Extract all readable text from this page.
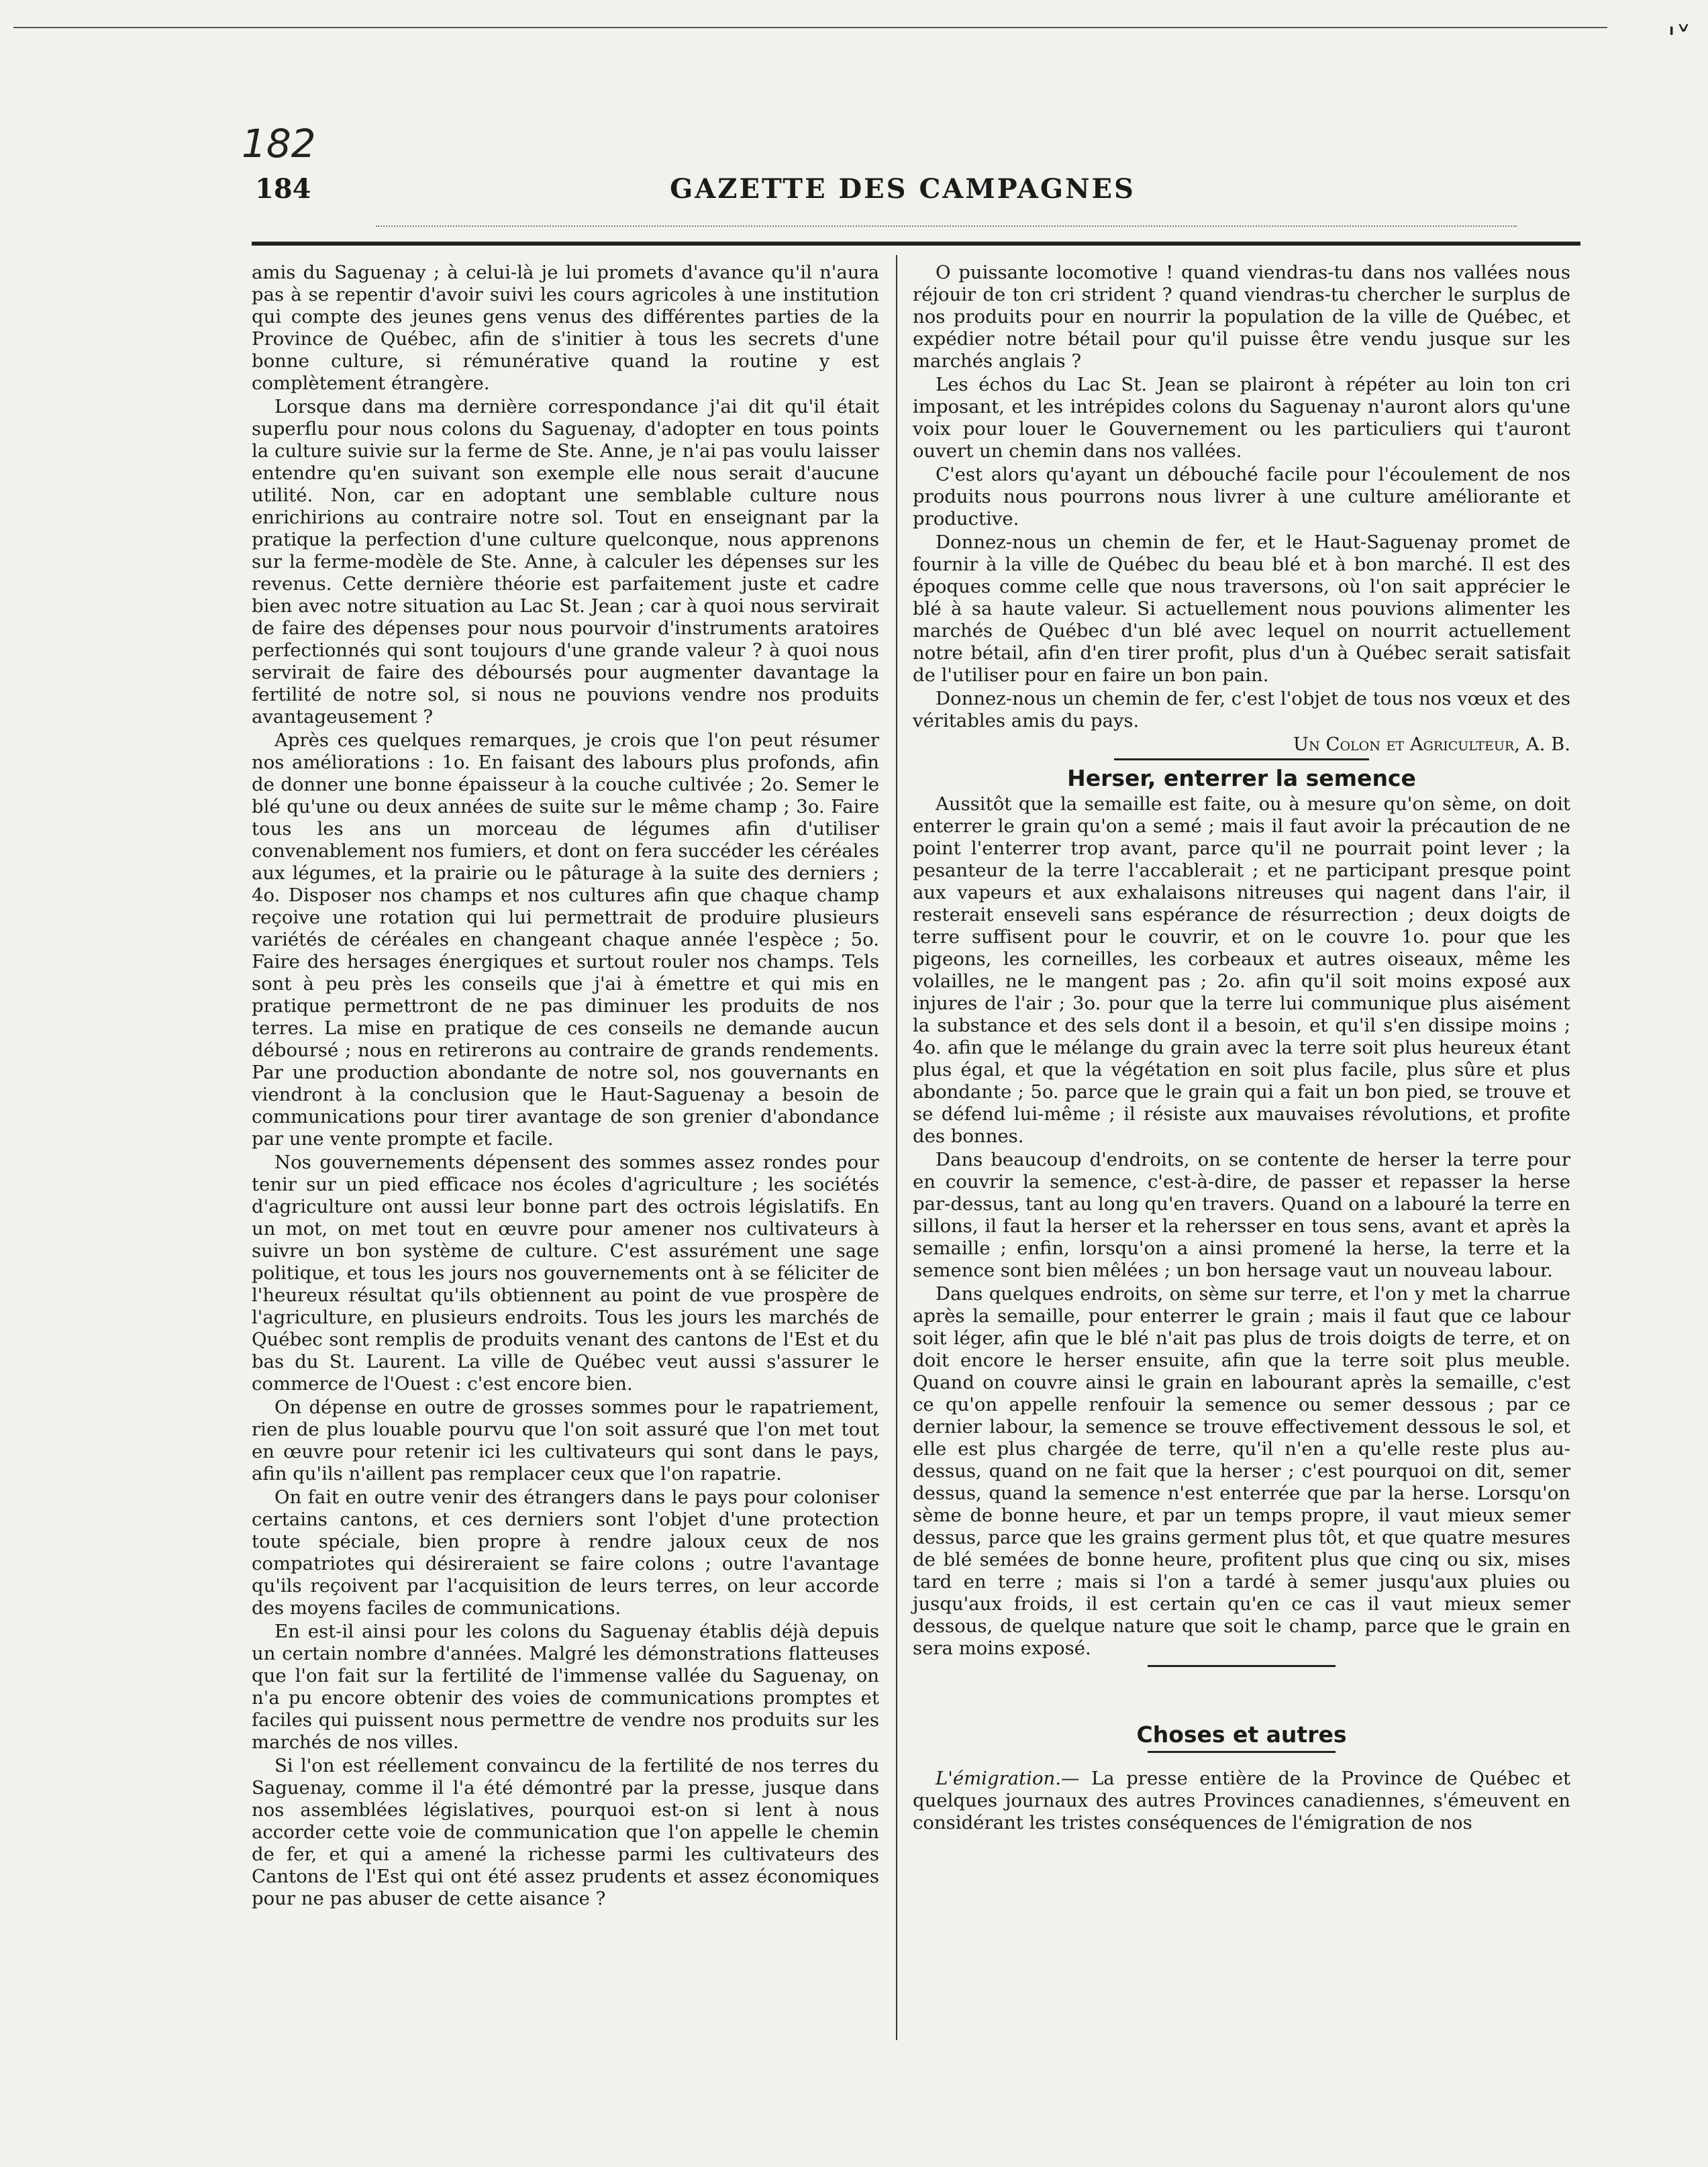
'˅
182
184	GAZETTE DES CAMPAGNES

amis du Saguenay ; à celui-là je lui promets d'avance qu'il n'aura pas à se repentir d'avoir suivi les cours agricoles à une institution qui compte des jeunes gens venus des différentes parties de la Province de Québec, afin de s'initier à tous les secrets d'une bonne culture, si rémunérative quand la routine y est complètement étrangère.

Lorsque dans ma dernière correspondance j'ai dit qu'il était superflu pour nous colons du Saguenay, d'adopter en tous points la culture suivie sur la ferme de Ste. Anne, je n'ai pas voulu laisser entendre qu'en suivant son exemple elle nous serait d'aucune utilité. Non, car en adoptant une semblable culture nous enrichirions au contraire notre sol. Tout en enseignant par la pratique la perfection d'une culture quelconque, nous apprenons sur la ferme-modèle de Ste. Anne, à calculer les dépenses sur les revenus. Cette dernière théorie est parfaitement juste et cadre bien avec notre situation au Lac St. Jean ; car à quoi nous servirait de faire des dépenses pour nous pourvoir d'instruments aratoires perfectionnés qui sont toujours d'une grande valeur ? à quoi nous servirait de faire des déboursés pour augmenter davantage la fertilité de notre sol, si nous ne pouvions vendre nos produits avantageusement ?

Après ces quelques remarques, je crois que l'on peut résumer nos améliorations : 1o. En faisant des labours plus profonds, afin de donner une bonne épaisseur à la couche cultivée ; 2o. Semer le blé qu'une ou deux années de suite sur le même champ ; 3o. Faire tous les ans un morceau de légumes afin d'utiliser convenablement nos fumiers, et dont on fera succéder les céréales aux légumes, et la prairie ou le pâturage à la suite des derniers ; 4o. Disposer nos champs et nos cultures afin que chaque champ reçoive une rotation qui lui permettrait de produire plusieurs variétés de céréales en changeant chaque année l'espèce ; 5o. Faire des hersages énergiques et surtout rouler nos champs. Tels sont à peu près les conseils que j'ai à émettre et qui mis en pratique permettront de ne pas diminuer les produits de nos terres. La mise en pratique de ces conseils ne demande aucun déboursé ; nous en retirerons au contraire de grands rendements. Par une production abondante de notre sol, nos gouvernants en viendront à la conclusion que le Haut-Saguenay a besoin de communications pour tirer avantage de son grenier d'abondance par une vente prompte et facile.

Nos gouvernements dépensent des sommes assez rondes pour tenir sur un pied efficace nos écoles d'agriculture ; les sociétés d'agriculture ont aussi leur bonne part des octrois législatifs. En un mot, on met tout en œuvre pour amener nos cultivateurs à suivre un bon système de culture. C'est assurément une sage politique, et tous les jours nos gouvernements ont à se féliciter de l'heureux résultat qu'ils obtiennent au point de vue prospère de l'agriculture, en plusieurs endroits. Tous les jours les marchés de Québec sont remplis de produits venant des cantons de l'Est et du bas du St. Laurent. La ville de Québec veut aussi s'assurer le commerce de l'Ouest : c'est encore bien.

On dépense en outre de grosses sommes pour le rapatriement, rien de plus louable pourvu que l'on soit assuré que l'on met tout en œuvre pour retenir ici les cultivateurs qui sont dans le pays, afin qu'ils n'aillent pas remplacer ceux que l'on rapatrie.

On fait en outre venir des étrangers dans le pays pour coloniser certains cantons, et ces derniers sont l'objet d'une protection toute spéciale, bien propre à rendre jaloux ceux de nos compatriotes qui désireraient se faire colons ; outre l'avantage qu'ils reçoivent par l'acquisition de leurs terres, on leur accorde des moyens faciles de communications.

En est-il ainsi pour les colons du Saguenay établis déjà depuis un certain nombre d'années. Malgré les démonstrations flatteuses que l'on fait sur la fertilité de l'immense vallée du Saguenay, on n'a pu encore obtenir des voies de communications promptes et faciles qui puissent nous permettre de vendre nos produits sur les marchés de nos villes.

Si l'on est réellement convaincu de la fertilité de nos terres du Saguenay, comme il l'a été démontré par la presse, jusque dans nos assemblées législatives, pourquoi est-on si lent à nous accorder cette voie de communication que l'on appelle le chemin de fer, et qui a amené la richesse parmi les cultivateurs des Cantons de l'Est qui ont été assez prudents et assez économiques pour ne pas abuser de cette aisance ?

O puissante locomotive ! quand viendras-tu dans nos vallées nous réjouir de ton cri strident ? quand viendras-tu chercher le surplus de nos produits pour en nourrir la population de la ville de Québec, et expédier notre bétail pour qu'il puisse être vendu jusque sur les marchés anglais ?

Les échos du Lac St. Jean se plairont à répéter au loin ton cri imposant, et les intrépides colons du Saguenay n'auront alors qu'une voix pour louer le Gouvernement ou les particuliers qui t'auront ouvert un chemin dans nos vallées.

C'est alors qu'ayant un débouché facile pour l'écoulement de nos produits nous pourrons nous livrer à une culture améliorante et productive.

Donnez-nous un chemin de fer, et le Haut-Saguenay promet de fournir à la ville de Québec du beau blé et à bon marché. Il est des époques comme celle que nous traversons, où l'on sait apprécier le blé à sa haute valeur. Si actuellement nous pouvions alimenter les marchés de Québec d'un blé avec lequel on nourrit actuellement notre bétail, afin d'en tirer profit, plus d'un à Québec serait satisfait de l'utiliser pour en faire un bon pain.

Donnez-nous un chemin de fer, c'est l'objet de tous nos vœux et des véritables amis du pays.

Un Colon et Agriculteur, A. B.

Herser, enterrer la semence

Aussitôt que la semaille est faite, ou à mesure qu'on sème, on doit enterrer le grain qu'on a semé ; mais il faut avoir la précaution de ne point l'enterrer trop avant, parce qu'il ne pourrait point lever ; la pesanteur de la terre l'accablerait ; et ne participant presque point aux vapeurs et aux exhalaisons nitreuses qui nagent dans l'air, il resterait enseveli sans espérance de résurrection ; deux doigts de terre suffisent pour le couvrir, et on le couvre 1o. pour que les pigeons, les corneilles, les corbeaux et autres oiseaux, même les volailles, ne le mangent pas ; 2o. afin qu'il soit moins exposé aux injures de l'air ; 3o. pour que la terre lui communique plus aisément la substance et des sels dont il a besoin, et qu'il s'en dissipe moins ; 4o. afin que le mélange du grain avec la terre soit plus heureux étant plus égal, et que la végétation en soit plus facile, plus sûre et plus abondante ; 5o. parce que le grain qui a fait un bon pied, se trouve et se défend lui-même ; il résiste aux mauvaises révolutions, et profite des bonnes.

Dans beaucoup d'endroits, on se contente de herser la terre pour en couvrir la semence, c'est-à-dire, de passer et repasser la herse par-dessus, tant au long qu'en travers. Quand on a labouré la terre en sillons, il faut la herser et la rehersser en tous sens, avant et après la semaille ; enfin, lorsqu'on a ainsi promené la herse, la terre et la semence sont bien mêlées ; un bon hersage vaut un nouveau labour.

Dans quelques endroits, on sème sur terre, et l'on y met la charrue après la semaille, pour enterrer le grain ; mais il faut que ce labour soit léger, afin que le blé n'ait pas plus de trois doigts de terre, et on doit encore le herser ensuite, afin que la terre soit plus meuble. Quand on couvre ainsi le grain en labourant après la semaille, c'est ce qu'on appelle renfouir la semence ou semer dessous ; par ce dernier labour, la semence se trouve effectivement dessous le sol, et elle est plus chargée de terre, qu'il n'en a qu'elle reste plus au-dessus, quand on ne fait que la herser ; c'est pourquoi on dit, semer dessus, quand la semence n'est enterrée que par la herse. Lorsqu'on sème de bonne heure, et par un temps propre, il vaut mieux semer dessus, parce que les grains germent plus tôt, et que quatre mesures de blé semées de bonne heure, profitent plus que cinq ou six, mises tard en terre ; mais si l'on a tardé à semer jusqu'aux pluies ou jusqu'aux froids, il est certain qu'en ce cas il vaut mieux semer dessous, de quelque nature que soit le champ, parce que le grain en sera moins exposé.

Choses et autres

L'émigration.— La presse entière de la Province de Québec et quelques journaux des autres Provinces canadiennes, s'émeuvent en considérant les tristes conséquences de l'émigration de nos
